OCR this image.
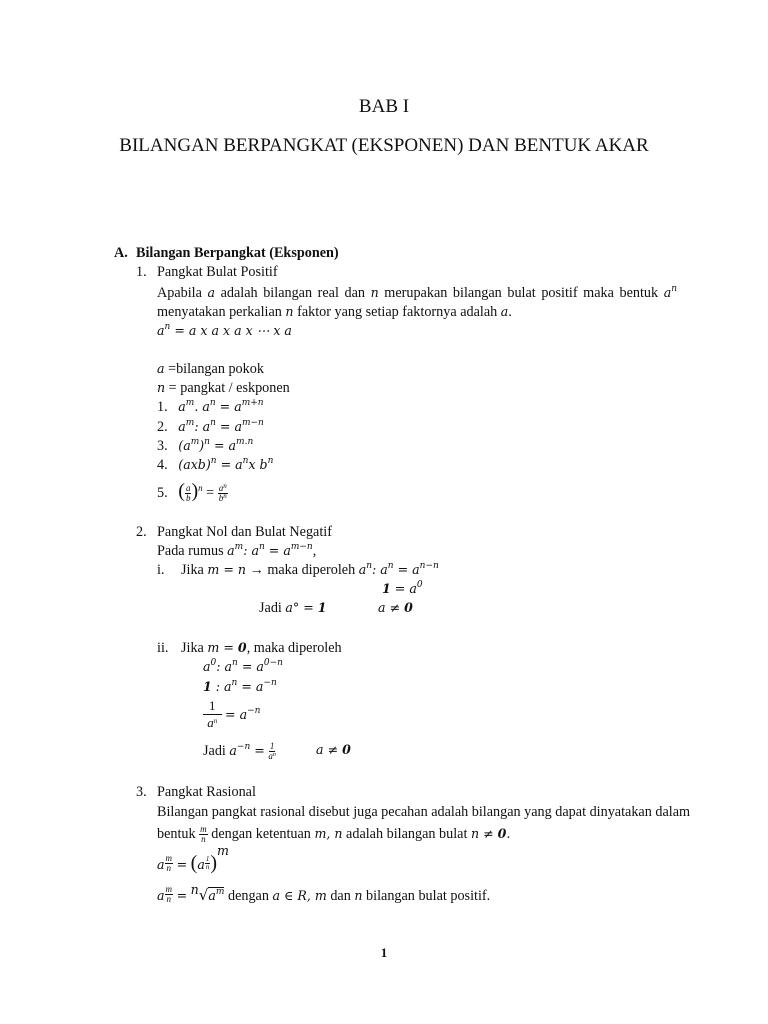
BAB I
BILANGAN BERPANGKAT (EKSPONEN) DAN BENTUK AKAR
A. Bilangan Berpangkat (Eksponen)
1. Pangkat Bulat Positif
Apabila 𝑎 adalah bilangan real dan 𝑛 merupakan bilangan bulat positif maka bentuk 𝑎$^𝑛$
menyatakan perkalian 𝑛 faktor yang setiap faktornya adalah 𝑎.
𝑎$^𝑛$ = 𝑎 𝑥 𝑎 𝑥 𝑎 𝑥 ⋯ 𝑥 𝑎
𝑎 =bilangan pokok
𝑛 = pangkat / eskponen
1.   𝑎$^𝑚$. 𝑎$^𝑛$ = 𝑎$^{𝑚+𝑛}$
2.   𝑎$^𝑚$: 𝑎$^𝑛$ = 𝑎$^{𝑚-𝑛}$
3.   (𝑎$^𝑚$)$^𝑛$ = 𝑎$^{𝑚.𝑛}$
4.   (𝑎𝑥𝑏)$^𝑛$ = 𝑎$^𝑛$𝑥 𝑏$^𝑛$
5.   ( $\frac{a}{b} )^n = \frac{a^n}{b^n}$
2. Pangkat Nol dan Bulat Negatif
Pada rumus 𝑎$^𝑚$: 𝑎$^𝑛$ = 𝑎$^{𝑚-𝑛}$,
i. Jika 𝑚 = 𝑛 → maka diperoleh 𝑎$^𝑛$: 𝑎$^𝑛$ = 𝑎$^{𝑛-𝑛}$
1 = 𝑎$^0$
Jadi 𝑎° = 1	𝑎 ≠ 0
ii. Jika 𝑚 = 0, maka diperoleh
𝑎$^0$: 𝑎$^𝑛$ = 𝑎$^{0-𝑛}$
1 : 𝑎$^𝑛$ = 𝑎$^{-𝑛}$
$\frac{1}{a^n}$ = 𝑎$^{-n}$
Jadi 𝑎$^{-𝑛}$ = $\frac{1}{a^n}$	𝑎 ≠ 0
3. Pangkat Rasional
Bilangan pangkat rasional disebut juga pecahan adalah bilangan yang dapat dinyatakan dalam
bentuk $\frac{m}{n}$ dengan ketentuan 𝑚, 𝑛 adalah bilangan bulat 𝑛 ≠ 0.
𝑎 $\frac{m}{n}$ = (𝑎 $\frac{1}{n} )^m$
𝑎 $\frac{m}{n}$ = $^n$√𝑎$^𝑚$ dengan 𝑎 ∈ 𝑅, 𝑚 dan 𝑛 bilangan bulat positif.
1
